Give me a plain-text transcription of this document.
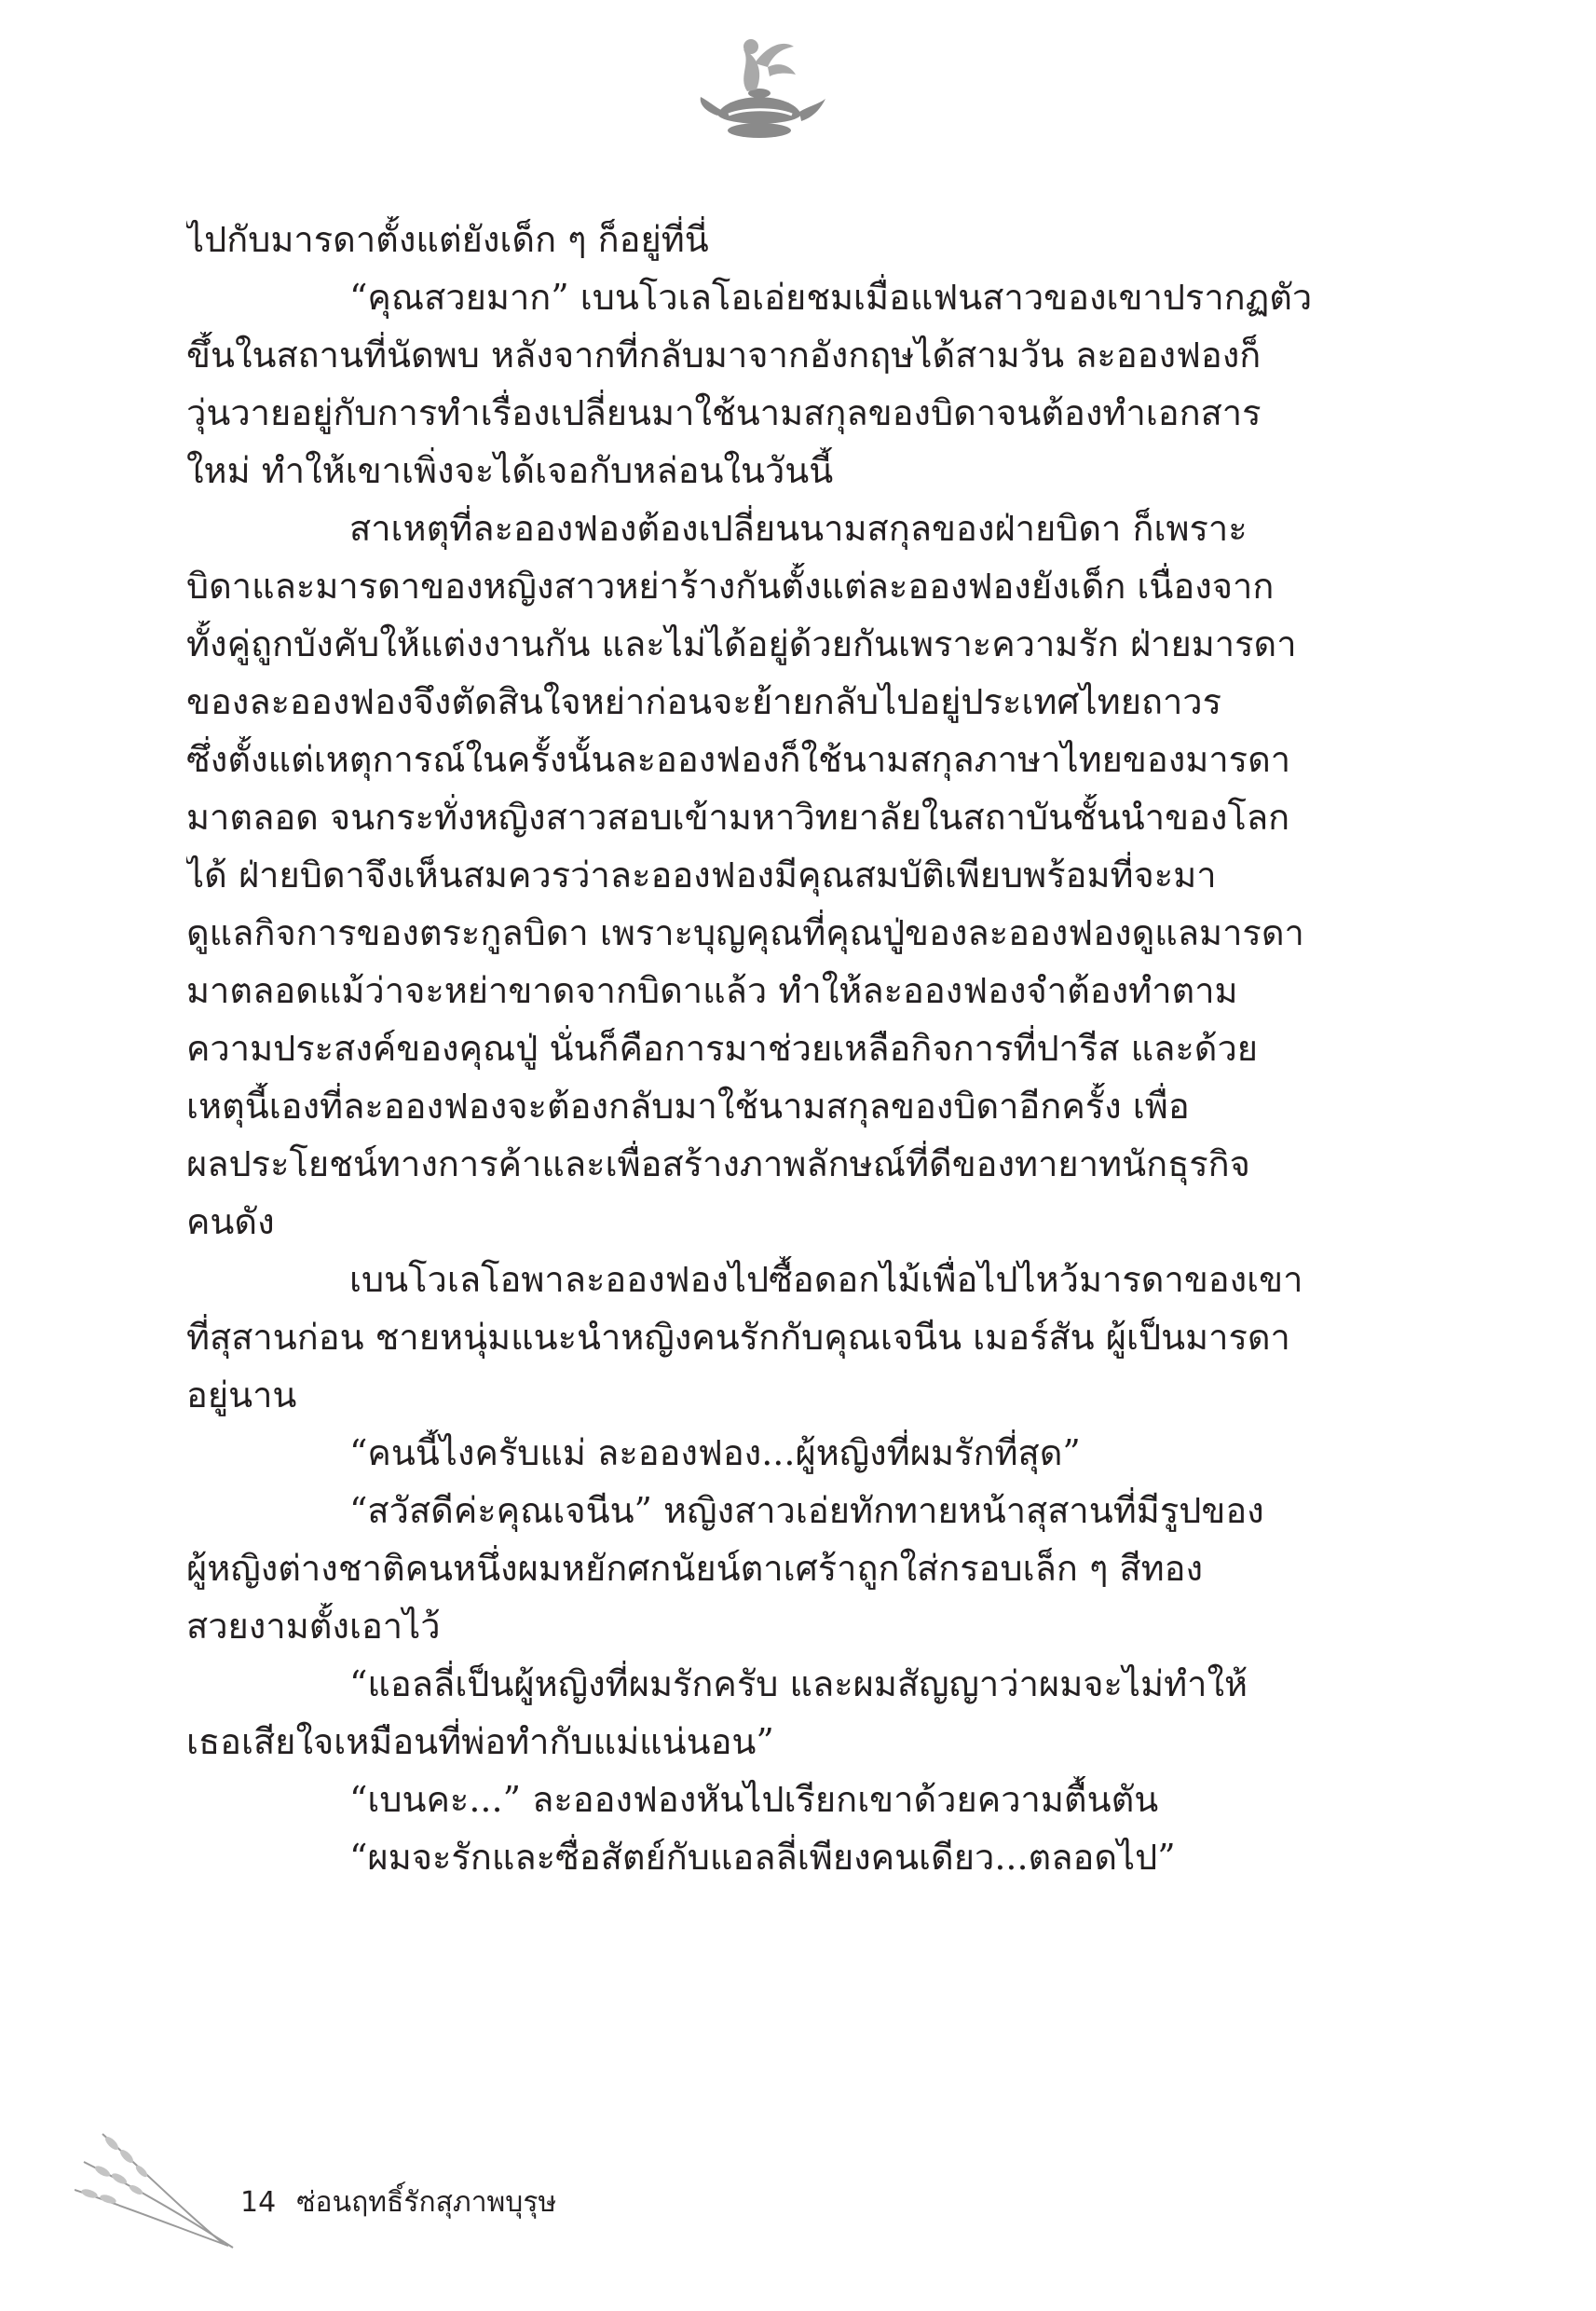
ไปกับมารดาตั้งแต่ยังเด็ก ๆ ก็อยู่ที่นี่
“คุณสวยมาก” เบนโวเลโอเอ่ยชมเมื่อแฟนสาวของเขาปรากฏตัว
ขึ้นในสถานที่นัดพบ หลังจากที่กลับมาจากอังกฤษได้สามวัน ละอองฟองก็
วุ่นวายอยู่กับการทำเรื่องเปลี่ยนมาใช้นามสกุลของบิดาจนต้องทำเอกสาร
ใหม่ ทำให้เขาเพิ่งจะได้เจอกับหล่อนในวันนี้
สาเหตุที่ละอองฟองต้องเปลี่ยนนามสกุลของฝ่ายบิดา ก็เพราะ
บิดาและมารดาของหญิงสาวหย่าร้างกันตั้งแต่ละอองฟองยังเด็ก เนื่องจาก
ทั้งคู่ถูกบังคับให้แต่งงานกัน และไม่ได้อยู่ด้วยกันเพราะความรัก ฝ่ายมารดา
ของละอองฟองจึงตัดสินใจหย่าก่อนจะย้ายกลับไปอยู่ประเทศไทยถาวร
ซึ่งตั้งแต่เหตุการณ์ในครั้งนั้นละอองฟองก็ใช้นามสกุลภาษาไทยของมารดา
มาตลอด จนกระทั่งหญิงสาวสอบเข้ามหาวิทยาลัยในสถาบันชั้นนำของโลก
ได้ ฝ่ายบิดาจึงเห็นสมควรว่าละอองฟองมีคุณสมบัติเพียบพร้อมที่จะมา
ดูแลกิจการของตระกูลบิดา เพราะบุญคุณที่คุณปู่ของละอองฟองดูแลมารดา
มาตลอดแม้ว่าจะหย่าขาดจากบิดาแล้ว ทำให้ละอองฟองจำต้องทำตาม
ความประสงค์ของคุณปู่ นั่นก็คือการมาช่วยเหลือกิจการที่ปารีส และด้วย
เหตุนี้เองที่ละอองฟองจะต้องกลับมาใช้นามสกุลของบิดาอีกครั้ง เพื่อ
ผลประโยชน์ทางการค้าและเพื่อสร้างภาพลักษณ์ที่ดีของทายาทนักธุรกิจ
คนดัง
เบนโวเลโอพาละอองฟองไปซื้อดอกไม้เพื่อไปไหว้มารดาของเขา
ที่สุสานก่อน ชายหนุ่มแนะนำหญิงคนรักกับคุณเจนีน เมอร์สัน ผู้เป็นมารดา
อยู่นาน
“คนนี้ไงครับแม่ ละอองฟอง...ผู้หญิงที่ผมรักที่สุด”
“สวัสดีค่ะคุณเจนีน” หญิงสาวเอ่ยทักทายหน้าสุสานที่มีรูปของ
ผู้หญิงต่างชาติคนหนึ่งผมหยักศกนัยน์ตาเศร้าถูกใส่กรอบเล็ก ๆ สีทอง
สวยงามตั้งเอาไว้
“แอลลี่เป็นผู้หญิงที่ผมรักครับ และผมสัญญาว่าผมจะไม่ทำให้
เธอเสียใจเหมือนที่พ่อทำกับแม่แน่นอน”
“เบนคะ...” ละอองฟองหันไปเรียกเขาด้วยความตื้นตัน
“ผมจะรักและซื่อสัตย์กับแอลลี่เพียงคนเดียว...ตลอดไป”
14 ซ่อนฤทธิ์รักสุภาพบุรุษ
